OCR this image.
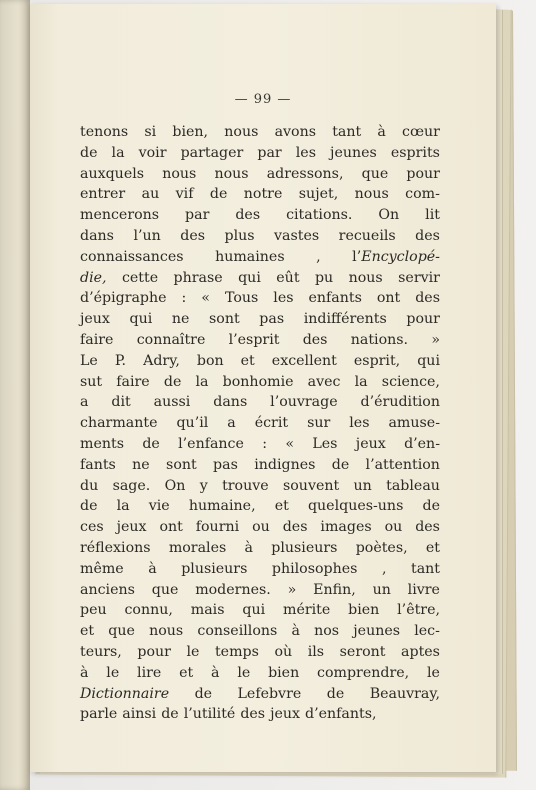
— 99 —
tenons si bien, nous avons tant à cœur
de la voir partager par les jeunes esprits
auxquels nous nous adressons, que pour
entrer au vif de notre sujet, nous com-
mencerons par des citations. On lit
dans l’un des plus vastes recueils des
connaissances humaines , l’Encyclopé-
die, cette phrase qui eût pu nous servir
d’épigraphe : « Tous les enfants ont des
jeux qui ne sont pas indifférents pour
faire connaître l’esprit des nations. »
Le P. Adry, bon et excellent esprit, qui
sut faire de la bonhomie avec la science,
a dit aussi dans l’ouvrage d’érudition
charmante qu’il a écrit sur les amuse-
ments de l’enfance : « Les jeux d’en-
fants ne sont pas indignes de l’attention
du sage. On y trouve souvent un tableau
de la vie humaine, et quelques-uns de
ces jeux ont fourni ou des images ou des
réflexions morales à plusieurs poètes, et
même à plusieurs philosophes , tant
anciens que modernes. » Enfin, un livre
peu connu, mais qui mérite bien l’être,
et que nous conseillons à nos jeunes lec-
teurs, pour le temps où ils seront aptes
à le lire et à le bien comprendre, le
Dictionnaire de Lefebvre de Beauvray,
parle ainsi de l’utilité des jeux d’enfants,
